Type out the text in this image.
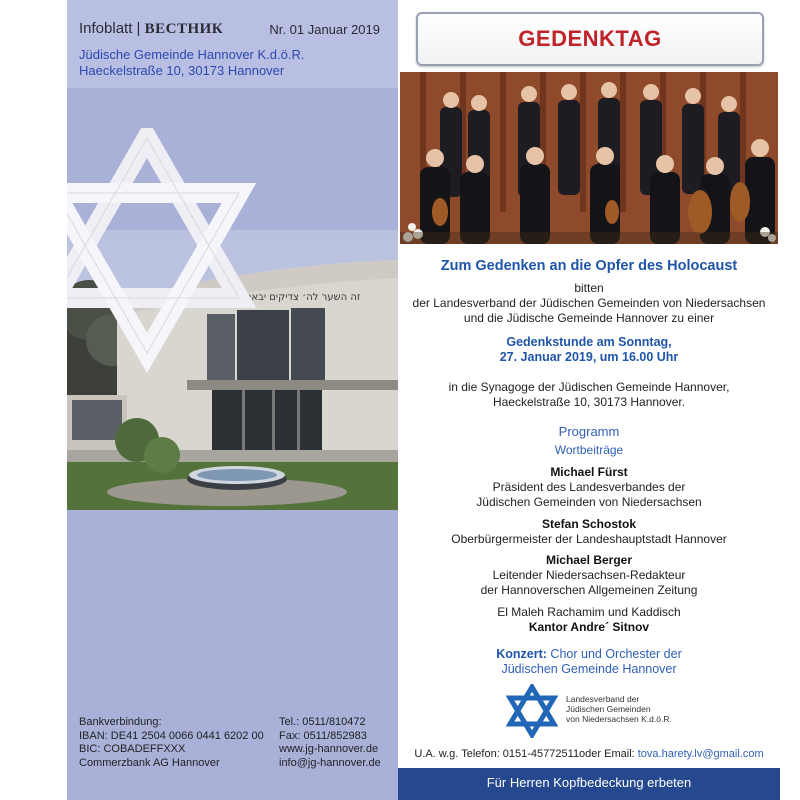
Infoblatt | ВЕСТНИК	Nr. 01 Januar 2019
Jüdische Gemeinde Hannover K.d.ö.R.
Haeckelstraße 10, 30173 Hannover
זה השער לה׳ צדיקים יבאו בו
Bankverbindung:
IBAN: DE41 2504 0066 0441 6202 00
BIC: COBADEFFXXX
Commerzbank AG Hannover
Tel.: 0511/810472
Fax: 0511/852983
www.jg-hannover.de
info@jg-hannover.de
GEDENKTAG
Zum Gedenken an die Opfer des Holocaust
bitten
der Landesverband der Jüdischen Gemeinden von Niedersachsen
und die Jüdische Gemeinde Hannover zu einer
Gedenkstunde am Sonntag,
27. Januar 2019, um 16.00 Uhr
in die Synagoge der Jüdischen Gemeinde Hannover,
Haeckelstraße 10, 30173 Hannover.
Programm
Wortbeiträge
Michael Fürst
Präsident des Landesverbandes der
Jüdischen Gemeinden von Niedersachsen
Stefan Schostok
Oberbürgermeister der Landeshauptstadt Hannover
Michael Berger
Leitender Niedersachsen-Redakteur
der Hannoverschen Allgemeinen Zeitung
El Maleh Rachamim und Kaddisch
Kantor Andre´ Sitnov
Konzert: Chor und Orchester der
Jüdischen Gemeinde Hannover
Landesverband der
Jüdischen Gemeinden
von Niedersachsen K.d.ö.R.
U.A. w.g. Telefon: 0151-45772511oder Email: tova.harety.lv@gmail.com
Für Herren Kopfbedeckung erbeten
